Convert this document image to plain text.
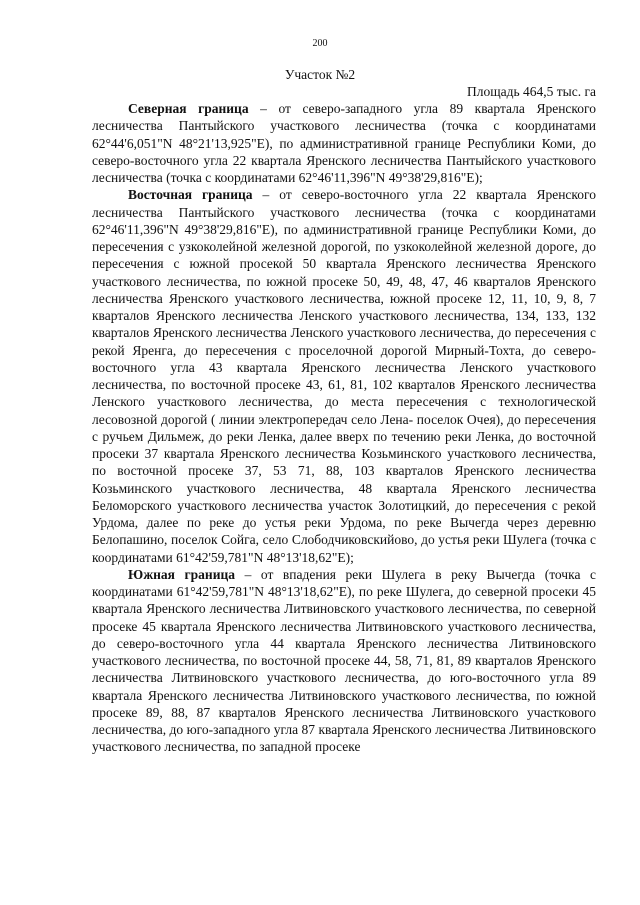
200
Участок №2
Площадь 464,5 тыс. га

Северная граница – от северо-западного угла 89 квартала Яренского лесничества Пантыйского участкового лесничества (точка с координатами 62°44'6,051"N 48°21'13,925"E), по административной границе Республики Коми, до северо-восточного угла 22 квартала Яренского лесничества Пантыйского участкового лесничества (точка с координатами 62°46'11,396"N 49°38'29,816"E);

Восточная граница – от северо-восточного угла 22 квартала Яренского лесничества Пантыйского участкового лесничества (точка с координатами 62°46'11,396"N 49°38'29,816"E), по административной границе Республики Коми, до пересечения с узкоколейной железной дорогой, по узкоколейной железной дороге, до пересечения с южной просекой 50 квартала Яренского лесничества Яренского участкового лесничества, по южной просеке 50, 49, 48, 47, 46 кварталов Яренского лесничества Яренского участкового лесничества, южной просеке 12, 11, 10, 9, 8, 7 кварталов Яренского лесничества Ленского участкового лесничества, 134, 133, 132 кварталов Яренского лесничества Ленского участкового лесничества, до пересечения с рекой Яренга, до пересечения с проселочной дорогой Мирный-Тохта, до северо-восточного угла 43 квартала Яренского лесничества Ленского участкового лесничества, по восточной просеке 43, 61, 81, 102 кварталов Яренского лесничества Ленского участкового лесничества, до места пересечения с технологической лесовозной дорогой ( линии электропередач село Лена- поселок Очея), до пересечения с ручьем Дильмеж, до реки Ленка, далее вверх по течению реки Ленка, до восточной просеки 37 квартала Яренского лесничества Козьминского участкового лесничества, по восточной просеке 37, 53 71, 88, 103 кварталов Яренского лесничества Козьминского участкового лесничества, 48 квартала Яренского лесничества Беломорского участкового лесничества участок Золотицкий, до пересечения с рекой Урдома, далее по реке до устья реки Урдома, по реке Вычегда через деревню Белопашино, поселок Сойга, село Слободчиковскийово, до устья реки Шулега (точка с координатами 61°42'59,781"N 48°13'18,62"E);

Южная граница – от впадения реки Шулега в реку Вычегда (точка с координатами 61°42'59,781"N 48°13'18,62"E), по реке Шулега, до северной просеки 45 квартала Яренского лесничества Литвиновского участкового лесничества, по северной просеке 45 квартала Яренского лесничества Литвиновского участкового лесничества, до северо-восточного угла 44 квартала Яренского лесничества Литвиновского участкового лесничества, по восточной просеке 44, 58, 71, 81, 89 кварталов Яренского лесничества Литвиновского участкового лесничества, до юго-восточного угла 89 квартала Яренского лесничества Литвиновского участкового лесничества, по южной просеке 89, 88, 87 кварталов Яренского лесничества Литвиновского участкового лесничества, до юго-западного угла 87 квартала Яренского лесничества Литвиновского участкового лесничества, по западной просеке
